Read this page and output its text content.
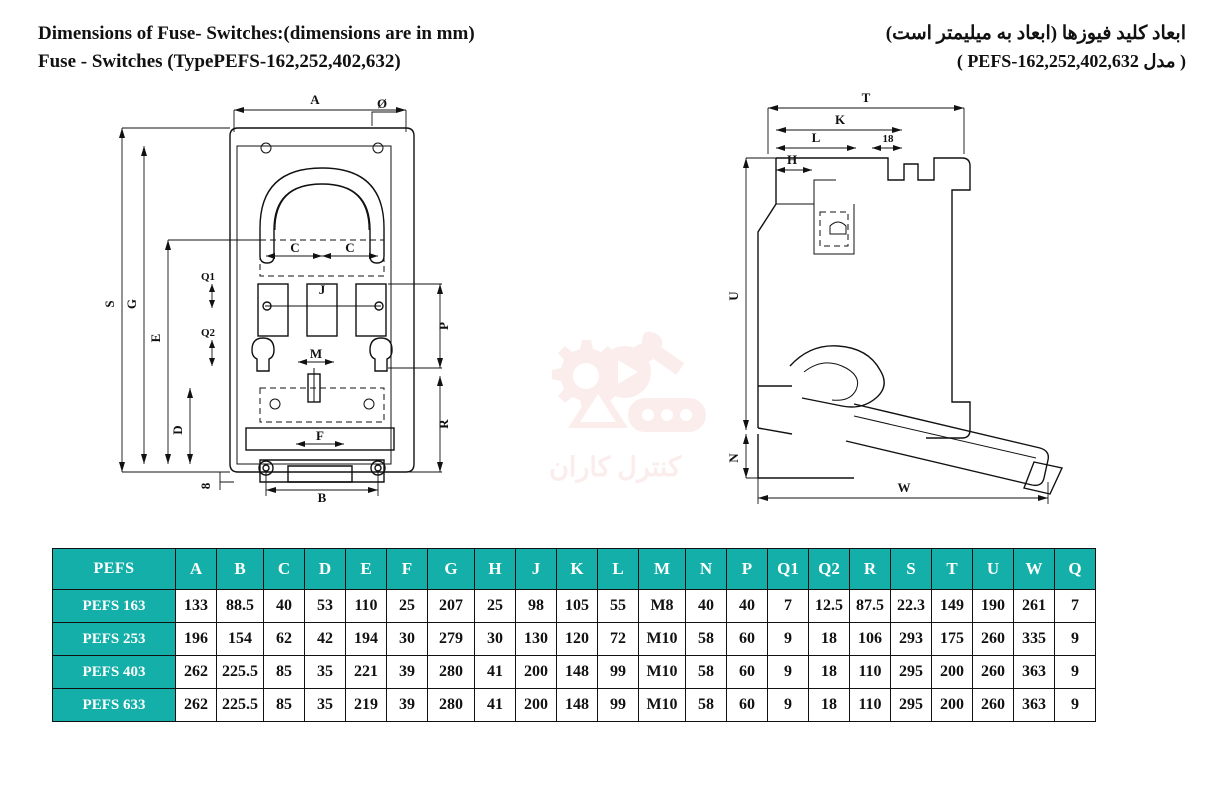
Dimensions of Fuse- Switches:(dimensions are in mm)
Fuse - Switches (TypePEFS-162,252,402,632)
ابعاد کلید فیوزها (ابعاد به میلیمتر است)
( مدل PEFS-162,252,402,632 )
کنترل کاران
A	Ø
S G
E
D
C	C
Q1
Q2
J
M
F
B
P
R
8
T
K
L	18
H
U
N
W
PEFS	A	B	C	D	E	F	G	H	J	K	L	M	N	P	Q1	Q2	R	S	T	U	W	Q
PEFS 163	133	88.5	40	53	110	25	207	25	98	105	55	M8	40	40	7	12.5	87.5	22.3	149	190	261	7
PEFS 253	196	154	62	42	194	30	279	30	130	120	72	M10	58	60	9	18	106	293	175	260	335	9
PEFS 403	262	225.5	85	35	221	39	280	41	200	148	99	M10	58	60	9	18	110	295	200	260	363	9
PEFS 633	262	225.5	85	35	219	39	280	41	200	148	99	M10	58	60	9	18	110	295	200	260	363	9
